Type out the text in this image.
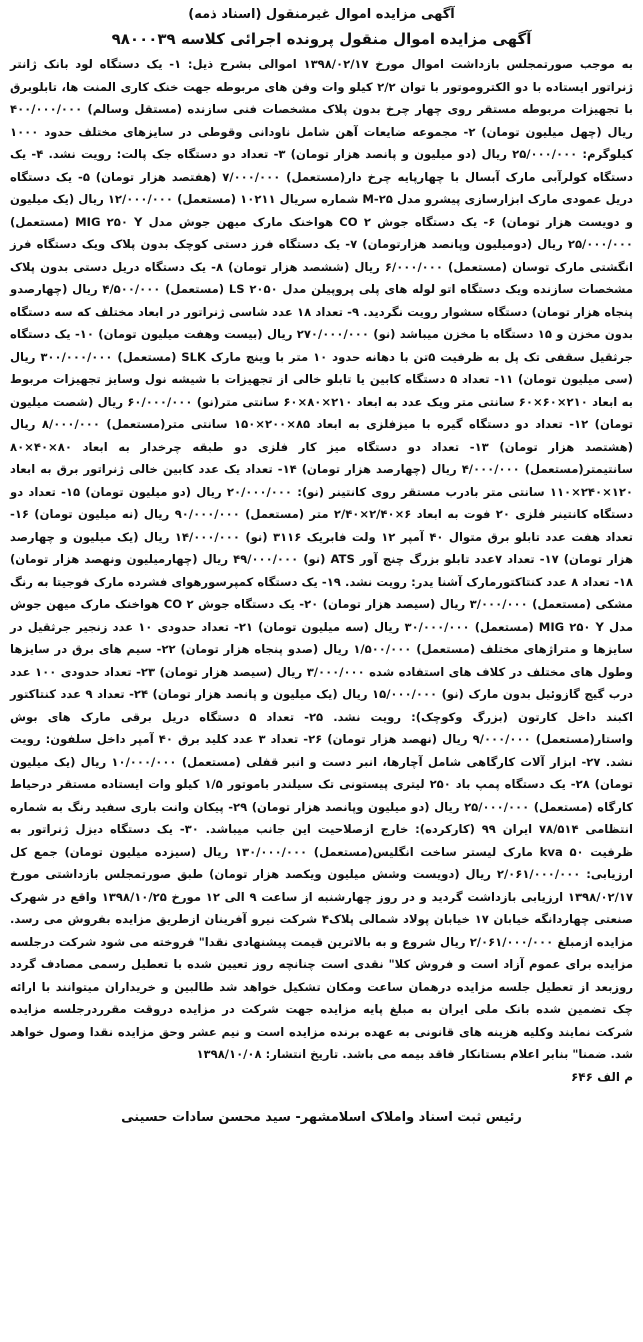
آگهی مزایده اموال غیرمنقول (اسناد ذمه)
آگهی مزایده اموال منقول پرونده اجرائی کلاسه ۹۸۰۰۰۳۹

به موجب صورتمجلس بازداشت اموال مورخ ۱۳۹۸/۰۲/۱۷ اموالی بشرح ذیل: ۱- یک دستگاه لود بانک ژانتر ژنراتور ایستاده با دو الکتروموتور با توان ۲/۲ کیلو وات وفن های مربوطه جهت خنک کاری المنت ها، تابلوبرق با تجهیزات مربوطه مستقر روی چهار چرخ بدون پلاک مشخصات فنی سازنده (مستقل وسالم) ۴۰۰/۰۰۰/۰۰۰ ریال (چهل میلیون تومان) ۲- مجموعه ضایعات آهن شامل ناودانی وقوطی در سایزهای مختلف حدود ۱۰۰۰ کیلوگرم: ۲۵/۰۰۰/۰۰۰ ریال (دو میلیون و پانصد هزار تومان) ۳- تعداد دو دستگاه جک پالت: رویت نشد. ۴- یک دستگاه کولرآبی مارک آبسال با چهارپایه چرخ دار(مستعمل) ۷/۰۰۰/۰۰۰ (هفتصد هزار تومان) ۵- یک دستگاه دریل عمودی مارک ابزارسازی پیشرو مدل M-۲۵ شماره سریال ۱۰۲۱۱ (مستعمل) ۱۲/۰۰۰/۰۰۰ ریال (یک میلیون و دویست هزار تومان) ۶- یک دستگاه جوش CO ۲ هواخنک مارک میهن جوش مدل MIG ۲۵۰ Y (مستعمل) ۲۵/۰۰۰/۰۰۰ ریال (دومیلیون وپانصد هزارتومان) ۷- یک دستگاه فرز دستی کوچک بدون پلاک ویک دستگاه فرز انگشتی مارک توسان (مستعمل) ۶/۰۰۰/۰۰۰ ریال (ششصد هزار تومان) ۸- یک دستگاه دریل دستی بدون پلاک مشخصات سازنده ویک دستگاه اتو لوله های پلی پروپیلن مدل LS ۲۰۵۰ (مستعمل) ۴/۵۰۰/۰۰۰ ریال (چهارصدو پنجاه هزار تومان) دستگاه سشوار رویت نگردید. ۹- تعداد ۱۸ عدد شاسی ژنراتور در ابعاد مختلف که سه دستگاه بدون مخزن و ۱۵ دستگاه با مخزن میباشد (نو) ۲۷۰/۰۰۰/۰۰۰ ریال (بیست وهفت میلیون تومان) ۱۰- یک دستگاه جرثقیل سقفی تک پل به ظرفیت ۵تن با دهانه حدود ۱۰ متر با وینچ مارک SLK (مستعمل) ۳۰۰/۰۰۰/۰۰۰ ریال (سی میلیون تومان) ۱۱- تعداد ۵ دستگاه کابین یا تابلو خالی از تجهیزات با شیشه نول وسایز تجهیزات مربوط به ابعاد ۲۱۰×۶۰×۶۰ سانتی متر ویک عدد به ابعاد ۲۱۰×۸۰×۶۰ سانتی متر(نو) ۶۰/۰۰۰/۰۰۰ ریال (شصت میلیون تومان) ۱۲- تعداد دو دستگاه گیره با میزفلزی به ابعاد ۸۵×۲۰۰×۱۵۰ سانتی متر(مستعمل) ۸/۰۰۰/۰۰۰ ریال (هشتصد هزار تومان) ۱۳- تعداد دو دستگاه میز کار فلزی دو طبقه چرخدار به ابعاد ۸۰×۴۰×۸۰ سانتیمتر(مستعمل) ۴/۰۰۰/۰۰۰ ریال (چهارصد هزار تومان) ۱۴- تعداد یک عدد کابین خالی ژنراتور برق به ابعاد ۱۲۰×۲۴۰×۱۱۰ سانتی متر بادرب مستقر روی کانتینر (نو): ۲۰/۰۰۰/۰۰۰ ریال (دو میلیون تومان) ۱۵- تعداد دو دستگاه کانتینر فلزی ۲۰ فوت به ابعاد ۶×۲/۴۰×۲/۴۰ متر (مستعمل) ۹۰/۰۰۰/۰۰۰ ریال (نه میلیون تومان) ۱۶- تعداد هفت عدد تابلو برق متوال ۴۰ آمپر ۱۲ ولت فابریک ۳۱۱۶ (نو) ۱۴/۰۰۰/۰۰۰ ریال (یک میلیون و چهارصد هزار تومان) ۱۷- تعداد ۷عدد تابلو بزرگ چنج آور ATS (نو) ۴۹/۰۰۰/۰۰۰ ریال (چهارمیلیون ونهصد هزار تومان) ۱۸- تعداد ۸ عدد کنتاکتورمارک آشنا یدر: رویت نشد. ۱۹- یک دستگاه کمپرسورهوای فشرده مارک فوجیتا به رنگ مشکی (مستعمل) ۳/۰۰۰/۰۰۰ ریال (سیصد هزار تومان) ۲۰- یک دستگاه جوش CO ۲ هواخنک مارک میهن جوش مدل MIG ۲۵۰ Y (مستعمل) ۳۰/۰۰۰/۰۰۰ ریال (سه میلیون تومان) ۲۱- تعداد حدودی ۱۰ عدد زنجیر جرثقیل در سایزها و متراژهای مختلف (مستعمل) ۱/۵۰۰/۰۰۰ ریال (صدو پنجاه هزار تومان) ۲۲- سیم های برق در سایزها وطول های مختلف در کلاف های استفاده شده ۳/۰۰۰/۰۰۰ ریال (سیصد هزار تومان) ۲۳- تعداد حدودی ۱۰۰ عدد درب گیج گازوئیل بدون مارک (نو) ۱۵/۰۰۰/۰۰۰ ریال (یک میلیون و پانصد هزار تومان) ۲۴- تعداد ۹ عدد کنتاکتور اکبند داخل کارتون (بزرگ وکوچک): رویت نشد. ۲۵- تعداد ۵ دستگاه دریل برقی مارک های بوش واستار(مستعمل) ۹/۰۰۰/۰۰۰ ریال (نهصد هزار تومان) ۲۶- تعداد ۳ عدد کلید برق ۴۰ آمپر داخل سلفون: رویت نشد. ۲۷- ابزار آلات کارگاهی شامل آچارها، انبر دست و انبر قفلی (مستعمل) ۱۰/۰۰۰/۰۰۰ ریال (یک میلیون تومان) ۲۸- یک دستگاه پمپ باد ۲۵۰ لیتری پیستونی تک سیلندر باموتور ۱/۵ کیلو وات ایستاده مستقر درحیاط کارگاه (مستعمل) ۲۵/۰۰۰/۰۰۰ ریال (دو میلیون وپانصد هزار تومان) ۲۹- پیکان وانت باری سفید رنگ به شماره انتظامی ۷۸/۵۱۴ ایران ۹۹ (کارکرده): خارج ازصلاحیت این جانب میباشد. ۳۰- یک دستگاه دیزل ژنراتور به ظرفیت kva ۵۰ مارک لیستر ساخت انگلیس(مستعمل) ۱۳۰/۰۰۰/۰۰۰ ریال (سیزده میلیون تومان) جمع کل ارزیابی: ۲/۰۶۱/۰۰۰/۰۰۰ ریال (دویست وشش میلیون ویکصد هزار تومان) طبق صورتمجلس بازداشتی مورخ ۱۳۹۸/۰۲/۱۷ ارزیابی بازداشت گردید و در روز چهارشنبه از ساعت ۹ الی ۱۲ مورخ ۱۳۹۸/۱۰/۲۵ واقع در شهرک صنعتی چهاردانگه خیابان ۱۷ خیابان پولاد شمالی پلاک۴ شرکت نیرو آفرینان ازطریق مزایده بفروش می رسد. مزایده ازمبلغ ۲/۰۶۱/۰۰۰/۰۰۰ ریال شروع و به بالاترین قیمت پیشنهادی نقدا" فروخته می شود شرکت درجلسه مزایده برای عموم آزاد است و فروش کلا" نقدی است چنانچه روز تعیین شده با تعطیل رسمی مصادف گردد روزبعد از تعطیل جلسه مزایده درهمان ساعت ومکان تشکیل خواهد شد طالبین و خریداران میتوانند با ارائه چک تضمین شده بانک ملی ایران به مبلغ پایه مزایده جهت شرکت در مزایده دروقت مقرردرجلسه مزایده شرکت نمایند وکلیه هزینه های قانونی به عهده برنده مزایده است و نیم عشر وحق مزایده نقدا وصول خواهد شد. ضمنا" بنابر اعلام بستانکار فاقد بیمه می باشد. تاریخ انتشار: ۱۳۹۸/۱۰/۰۸

م الف ۶۴۶
رئیس ثبت اسناد واملاک اسلامشهر- سید محسن سادات حسینی
